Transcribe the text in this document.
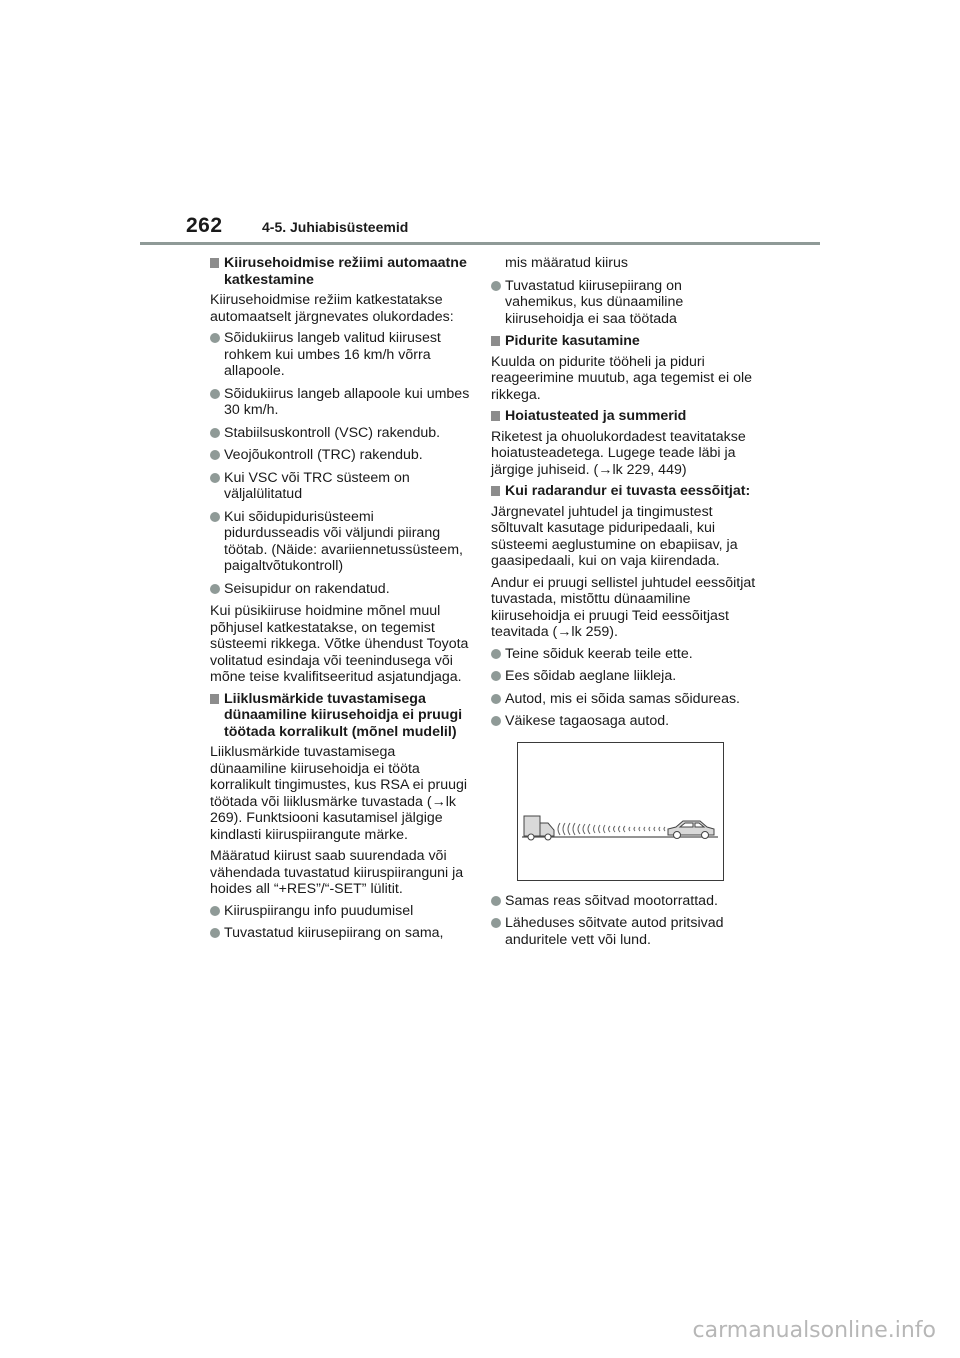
262	4-5. Juhiabisüsteemid
Kiirusehoidmise režiimi automaatne katkestamine
Kiirusehoidmise režiim katkestatakse automaatselt järgnevates olukordades:
Sõidukiirus langeb valitud kiirusest rohkem kui umbes 16 km/h võrra allapoole.
Sõidukiirus langeb allapoole kui umbes 30 km/h.
Stabiilsuskontroll (VSC) rakendub.
Veojõukontroll (TRC) rakendub.
Kui VSC või TRC süsteem on väljalülitatud
Kui sõidupidurisüsteemi pidurdusseadis või väljundi piirang töötab. (Näide: avariiennetussüsteem, paigaltvõtukontroll)
Seisupidur on rakendatud.
Kui püsikiiruse hoidmine mõnel muul põhjusel katkestatakse, on tegemist süsteemi rikkega. Võtke ühendust Toyota volitatud esindaja või teenindusega või mõne teise kvalifitseeritud asjatundjaga.
Liiklusmärkide tuvastamisega dünaamiline kiirusehoidja ei pruugi töötada korralikult (mõnel mudelil)
Liiklusmärkide tuvastamisega dünaamiline kiirusehoidja ei tööta korralikult tingimustes, kus RSA ei pruugi töötada või liiklusmärke tuvastada (→lk 269). Funktsiooni kasutamisel jälgige kindlasti kiiruspiirangute märke.
Määratud kiirust saab suurendada või vähendada tuvastatud kiiruspiiranguni ja hoides all “+RES”/“-SET” lülitit.
Kiiruspiirangu info puudumisel
Tuvastatud kiirusepiirang on sama,
mis määratud kiirus
Tuvastatud kiirusepiirang on vahemikus, kus dünaamiline kiirusehoidja ei saa töötada
Pidurite kasutamine
Kuulda on pidurite tööheli ja piduri reageerimine muutub, aga tegemist ei ole rikkega.
Hoiatusteated ja summerid
Riketest ja ohuolukordadest teavitatakse hoiatusteadetega. Lugege teade läbi ja järgige juhiseid. (→lk 229, 449)
Kui radarandur ei tuvasta eessõitjat:
Järgnevatel juhtudel ja tingimustest sõltuvalt kasutage piduripedaali, kui süsteemi aeglustumine on ebapiisav, ja gaasipedaali, kui on vaja kiirendada.
Andur ei pruugi sellistel juhtudel eessõitjat tuvastada, mistõttu dünaamiline kiirusehoidja ei pruugi Teid eessõitjast teavitada (→lk 259).
Teine sõiduk keerab teile ette.
Ees sõidab aeglane liikleja.
Autod, mis ei sõida samas sõidureas.
Väikese tagaosaga autod.
Samas reas sõitvad mootorrattad.
Läheduses sõitvate autod pritsivad anduritele vett või lund.
carmanualsonline.info
